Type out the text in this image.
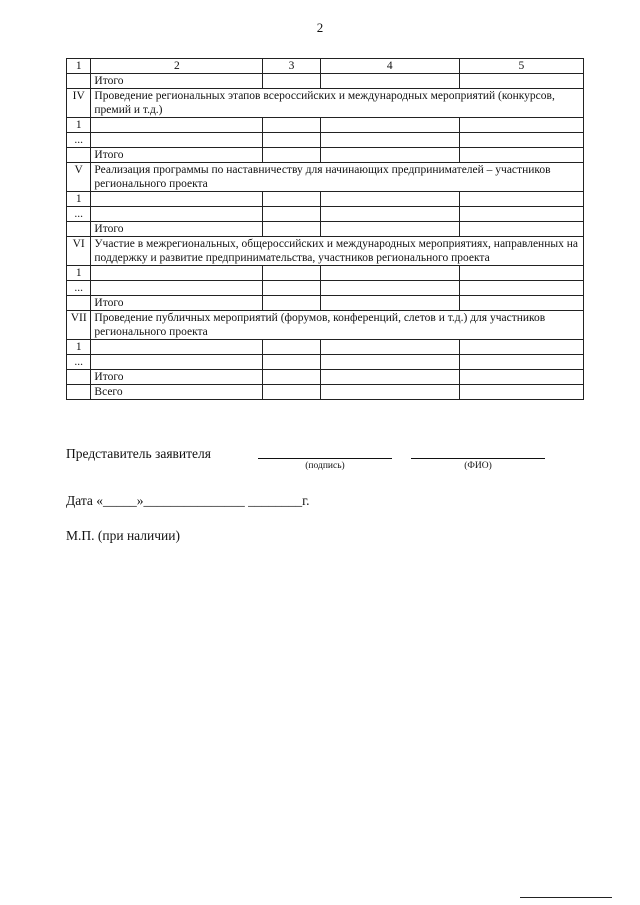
2
1	2	3	4	5
	Итого			
IV	Проведение региональных этапов всероссийских и международных мероприятий (конкурсов, премий и т.д.)			
1				
...				
	Итого			
V	Реализация программы по наставничеству для начинающих предпринимателей – участников регионального проекта			
1				
...				
	Итого			
VI	Участие в межрегиональных, общероссийских и международных мероприятиях, направленных на поддержку и развитие предпринимательства, участников регионального проекта			
1				
...				
	Итого			
VII	Проведение публичных мероприятий (форумов, конференций, слетов и т.д.) для участников регионального проекта			
1				
...				
	Итого			
	Всего			
Представитель заявителя
(подпись)	(ФИО)
Дата «_____»_______________ ________г.
М.П. (при наличии)
